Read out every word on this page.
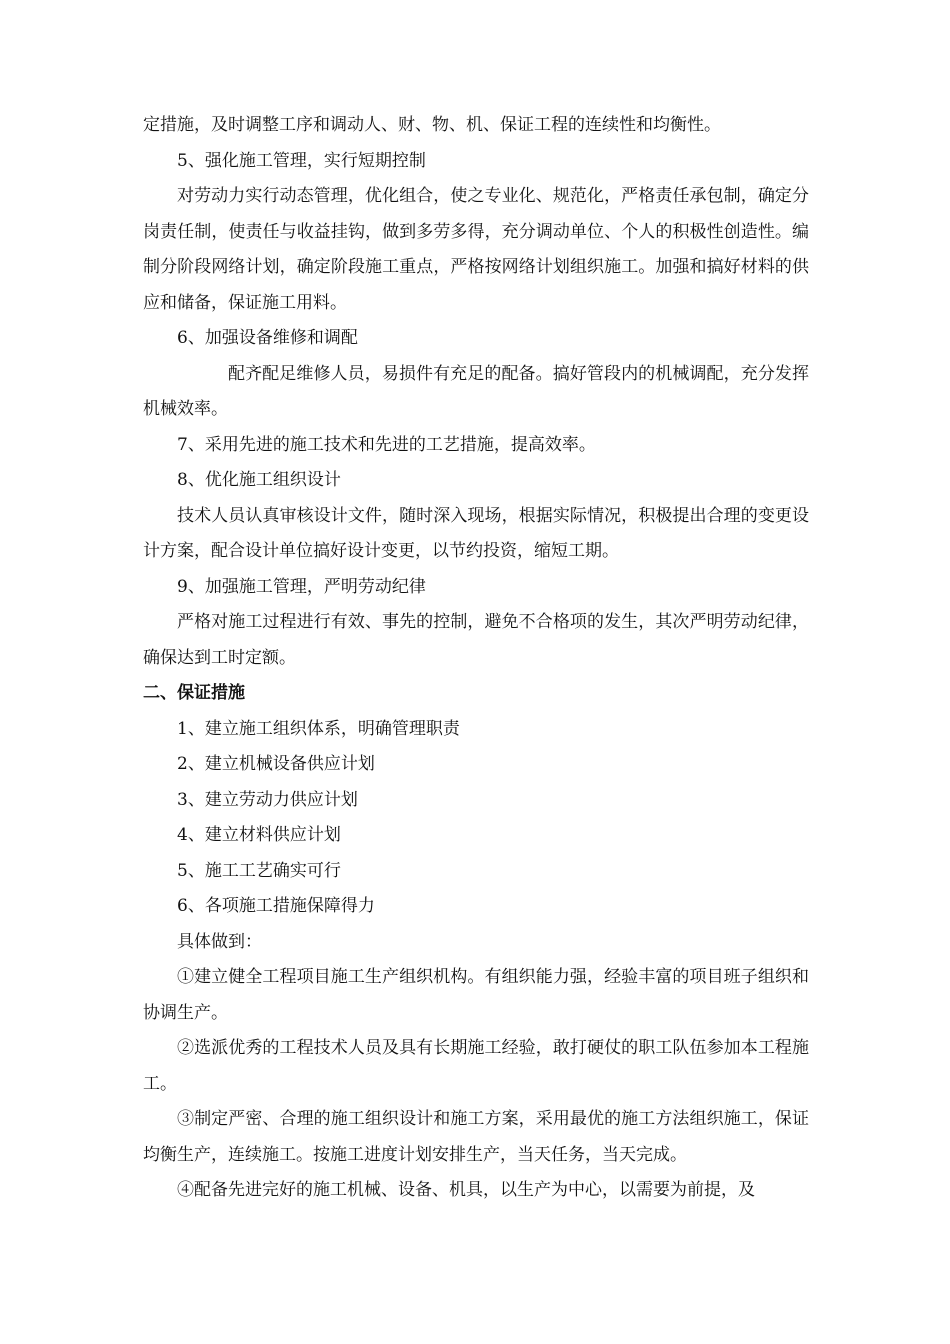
定措施，及时调整工序和调动人、财、物、机、保证工程的连续性和均衡性。

5、强化施工管理，实行短期控制

对劳动力实行动态管理，优化组合，使之专业化、规范化，严格责任承包制，确定分岗责任制，使责任与收益挂钩，做到多劳多得，充分调动单位、个人的积极性创造性。编制分阶段网络计划，确定阶段施工重点，严格按网络计划组织施工。加强和搞好材料的供应和储备，保证施工用料。

6、加强设备维修和调配

配齐配足维修人员，易损件有充足的配备。搞好管段内的机械调配，充分发挥机械效率。

7、采用先进的施工技术和先进的工艺措施，提高效率。

8、优化施工组织设计

技术人员认真审核设计文件，随时深入现场，根据实际情况，积极提出合理的变更设计方案，配合设计单位搞好设计变更，以节约投资，缩短工期。

9、加强施工管理，严明劳动纪律

严格对施工过程进行有效、事先的控制，避免不合格项的发生，其次严明劳动纪律，确保达到工时定额。

二、保证措施

1、建立施工组织体系，明确管理职责

2、建立机械设备供应计划

3、建立劳动力供应计划

4、建立材料供应计划

5、施工工艺确实可行

6、各项施工措施保障得力

具体做到：

①建立健全工程项目施工生产组织机构。有组织能力强，经验丰富的项目班子组织和协调生产。

②选派优秀的工程技术人员及具有长期施工经验，敢打硬仗的职工队伍参加本工程施工。

③制定严密、合理的施工组织设计和施工方案，采用最优的施工方法组织施工，保证均衡生产，连续施工。按施工进度计划安排生产，当天任务，当天完成。

④配备先进完好的施工机械、设备、机具，以生产为中心，以需要为前提，及
